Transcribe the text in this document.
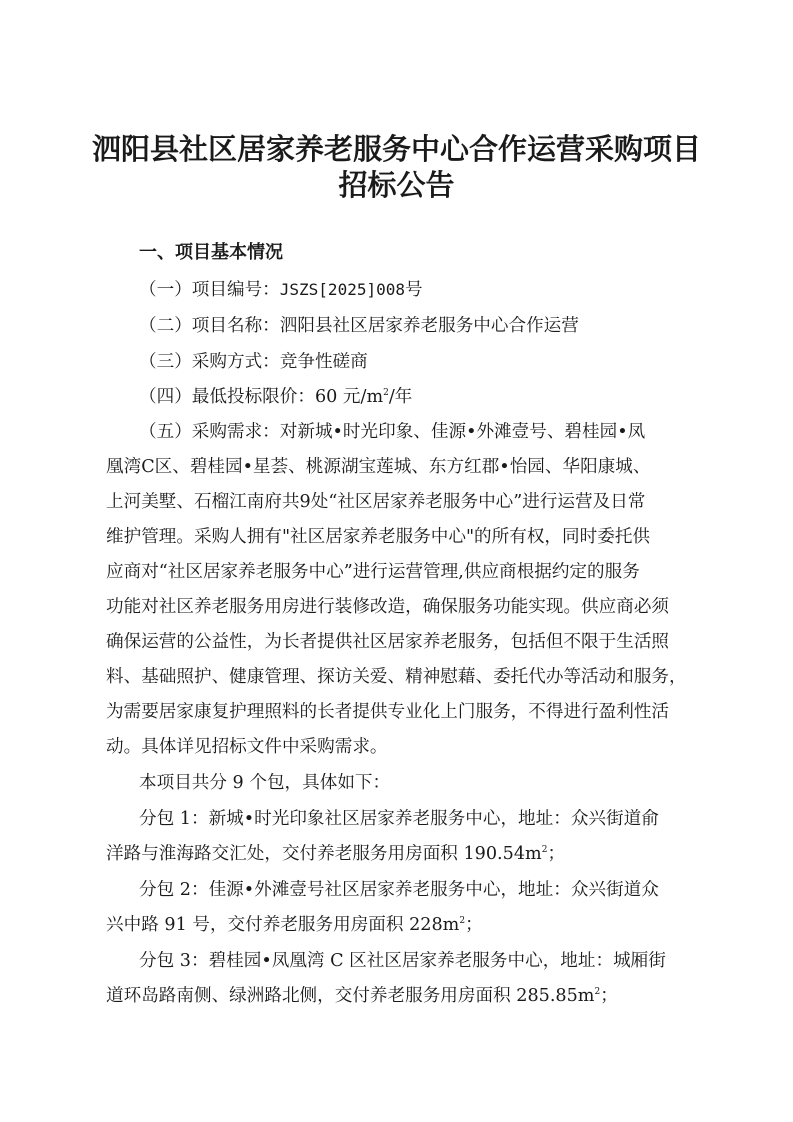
泗阳县社区居家养老服务中心合作运营采购项目
招标公告
一、项目基本情况
（一）项目编号：JSZS[2025]008号
（二）项目名称：泗阳县社区居家养老服务中心合作运营
（三）采购方式：竞争性磋商
（四）最低投标限价：60 元$/m^2/$年
（五）采购需求：对新城•时光印象、佳源•外滩壹号、碧桂园•凤
凰湾C区、碧桂园•星荟、桃源湖宝莲城、东方红郡•怡园、华阳康城、
上河美墅、石榴江南府共9处“社区居家养老服务中心”进行运营及日常
维护管理。采购人拥有"社区居家养老服务中心"的所有权，同时委托供
应商对“社区居家养老服务中心”进行运营管理,供应商根据约定的服务
功能对社区养老服务用房进行装修改造，确保服务功能实现。供应商必须
确保运营的公益性，为长者提供社区居家养老服务，包括但不限于生活照
料、基础照护、健康管理、探访关爱、精神慰藉、委托代办等活动和服务，
为需要居家康复护理照料的长者提供专业化上门服务，不得进行盈利性活
动。具体详见招标文件中采购需求。
本项目共分 9 个包，具体如下：
分包 1：新城•时光印象社区居家养老服务中心，地址：众兴街道俞
洋路与淮海路交汇处，交付养老服务用房面积 $190.54m^2$；
分包 2：佳源•外滩壹号社区居家养老服务中心，地址：众兴街道众
兴中路 91 号，交付养老服务用房面积 $228m^2$；
分包 3：碧桂园•凤凰湾 C 区社区居家养老服务中心，地址：城厢街
道环岛路南侧、绿洲路北侧，交付养老服务用房面积 $285.85m^2$；
